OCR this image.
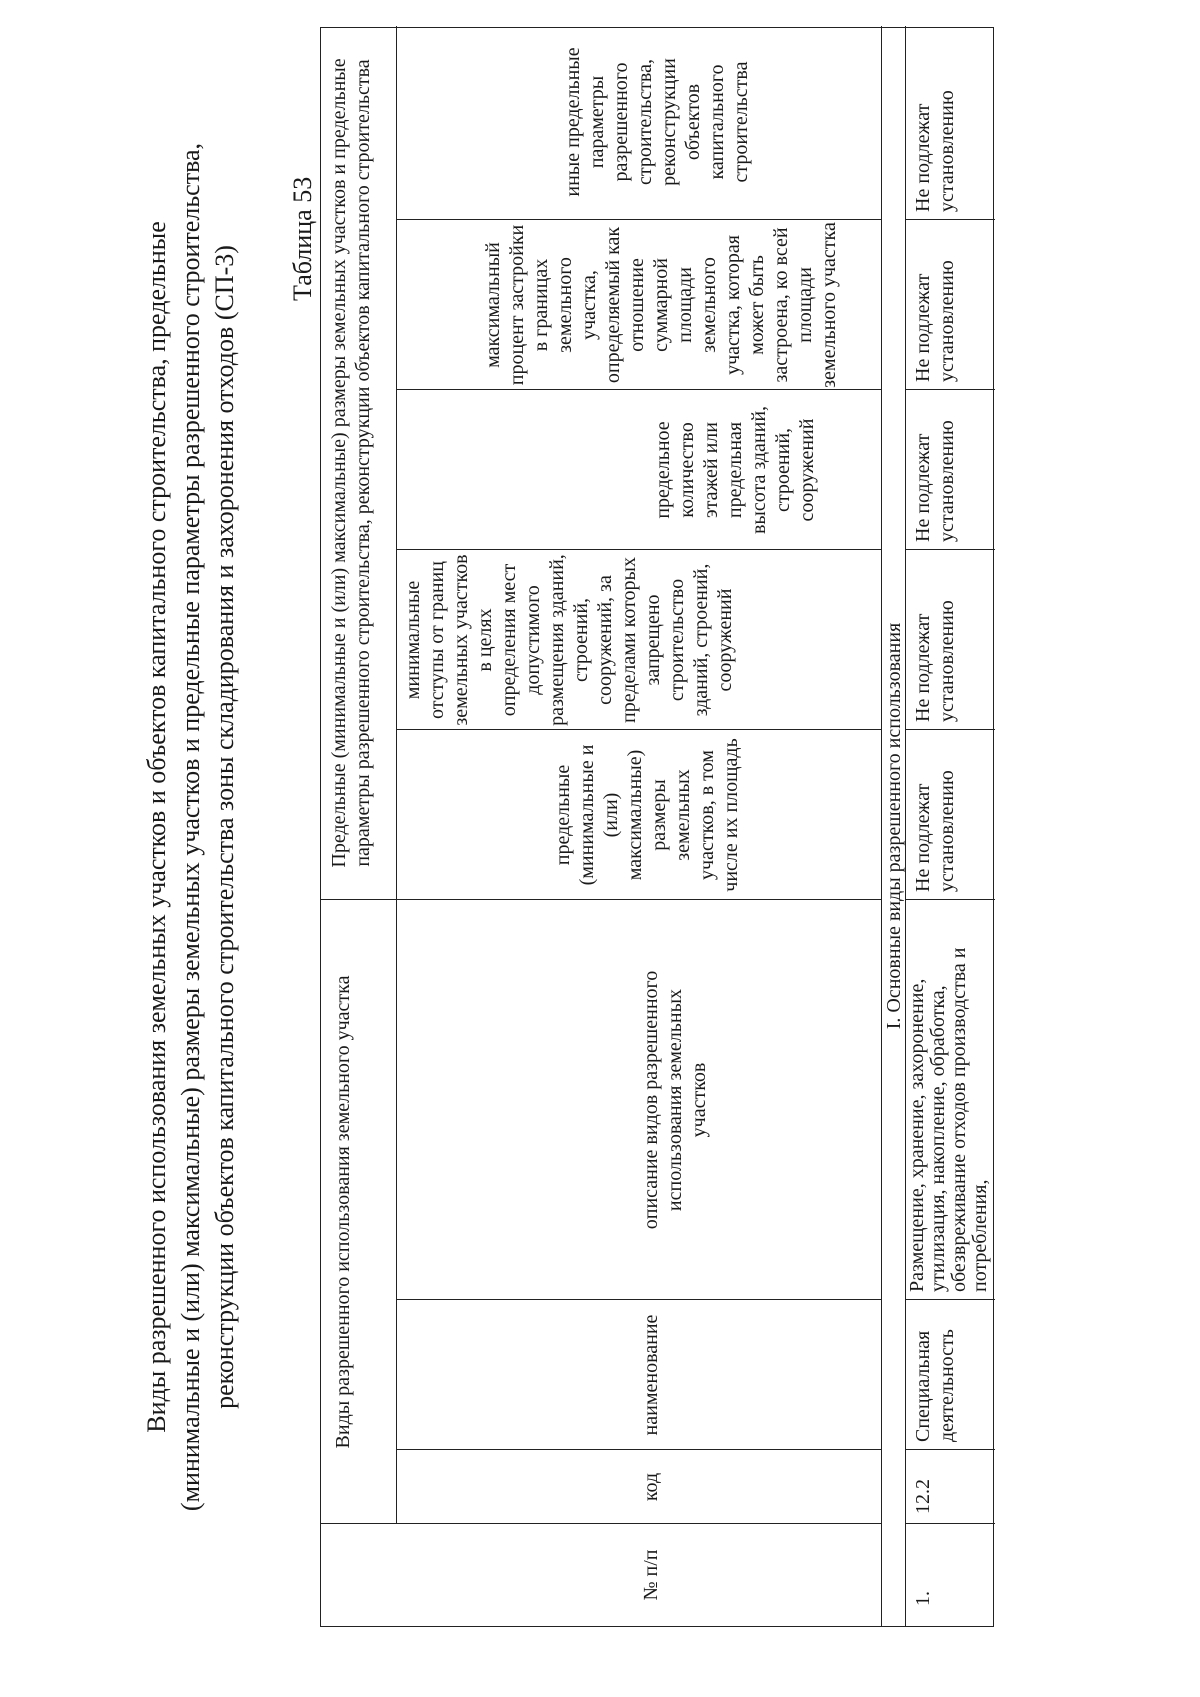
Виды разрешенного использования земельных участков и объектов капитального строительства, предельные (минимальные и (или) максимальные) размеры земельных участков и предельные параметры разрешенного строительства, реконструкции объектов капитального строительства зоны складирования и захоронения отходов (СП-3)
Таблица 53
№ п/п
Виды разрешенного использования земельного участка
код
наименование
описание видов разрешенного использования земельных участков
Предельные (минимальные и (или) максимальные) размеры земельных участков и предельные параметры разрешенного строительства, реконструкции объектов капитального строительства	предельные (минимальные и (или) максимальные) размеры земельных участков, в том числе их площадь
минимальные отступы от границ земельных участков в целях определения мест допустимого размещения зданий, строений, сооружений, за пределами которых запрещено строительство зданий, строений, сооружений
предельное количество этажей или предельная высота зданий, строений, сооружений
максимальный процент застройки в границах земельного участка, определяемый как отношение суммарной площади земельного участка, которая может быть застроена, ко всей площади земельного участка
иные предельные параметры разрешенного строительства, реконструкции объектов капитального строительства
I. Основные виды разрешенного использования
1.
12.2
Специальная деятельность
Размещение, хранение, захоронение, утилизация, накопление, обработка, обезвреживание отходов производства и потребления,
Не подлежат установлению
Не подлежат установлению
Не подлежат установлению
Не подлежат установлению
Не подлежат установлению
